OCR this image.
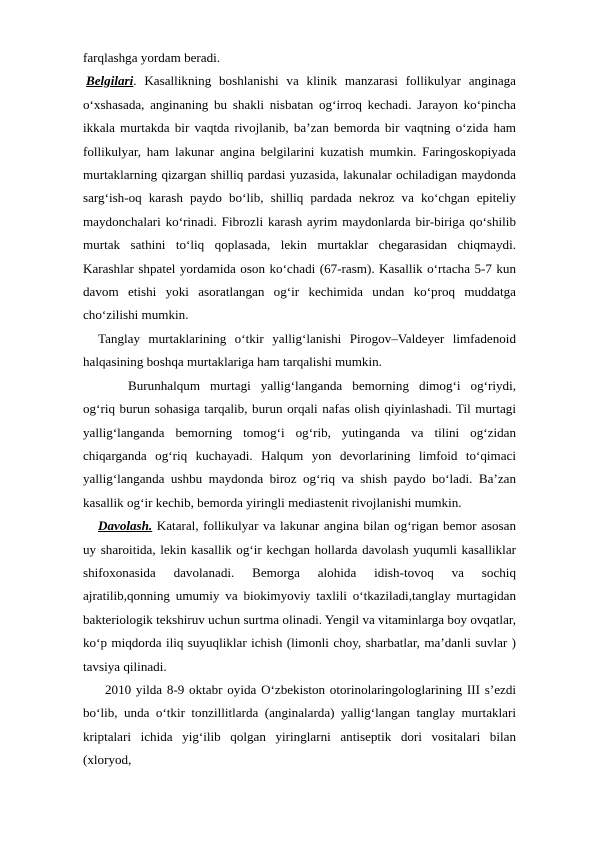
farqlashga yordam beradi.

Belgilari. Kasallikning boshlanishi va klinik manzarasi follikulyar anginaga o‘xshasada, anginaning bu shakli nisbatan og‘irroq kechadi. Jarayon ko‘pincha ikkala murtakda bir vaqtda rivojlanib, ba’zan bemorda bir vaqtning o‘zida ham follikulyar, ham lakunar angina belgilarini kuzatish mumkin. Faringoskopiyada murtaklarning qizargan shilliq pardasi yuzasida, lakunalar ochiladigan maydonda sarg‘ish-oq karash paydo bo‘lib, shilliq pardada nekroz va ko‘chgan epiteliy maydonchalari ko‘rinadi. Fibrozli karash ayrim maydonlarda bir-biriga qo‘shilib murtak sathini to‘liq qoplasada, lekin murtaklar chegarasidan chiqmaydi. Karashlar shpatel yordamida oson ko‘chadi (67-rasm). Kasallik o‘rtacha 5-7 kun davom etishi yoki asoratlangan og‘ir kechimida undan ko‘proq muddatga cho‘zilishi mumkin.

Tanglay murtaklarining o‘tkir yallig‘lanishi Pirogov–Valdeyer limfadenoid halqasining boshqa murtaklariga ham tarqalishi mumkin.

Burunhalqum murtagi yallig‘langanda bemorning dimog‘i og‘riydi, og‘riq burun sohasiga tarqalib, burun orqali nafas olish qiyinlashadi. Til murtagi yallig‘langanda bemorning tomog‘i og‘rib, yutinganda va tilini og‘zidan chiqarganda og‘riq kuchayadi. Halqum yon devorlarining limfoid to‘qimaci yallig‘langanda ushbu maydonda biroz og‘riq va shish paydo bo‘ladi. Ba’zan kasallik og‘ir kechib, bemorda yiringli mediastenit rivojlanishi mumkin.

Davolash. Kataral, follikulyar va lakunar angina bilan og‘rigan bemor asosan uy sharoitida, lekin kasallik og‘ir kechgan hollarda davolash yuqumli kasalliklar shifoxonasida davolanadi. Bemorga alohida idish-tovoq va sochiq ajratilib,qonning umumiy va biokimyoviy taxlili o‘tkaziladi,tanglay murtagidan bakteriologik tekshiruv uchun surtma olinadi. Yengil va vitaminlarga boy ovqatlar, ko‘p miqdorda iliq suyuqliklar ichish (limonli choy, sharbatlar, ma’danli suvlar ) tavsiya qilinadi.

2010 yilda 8-9 oktabr oyida O‘zbekiston otorinolaringologlarining III s’ezdi bo‘lib, unda o‘tkir tonzillitlarda (anginalarda) yallig‘langan tanglay murtaklari kriptalari ichida yig‘ilib qolgan yiringlarni antiseptik dori vositalari bilan (xloryod,
